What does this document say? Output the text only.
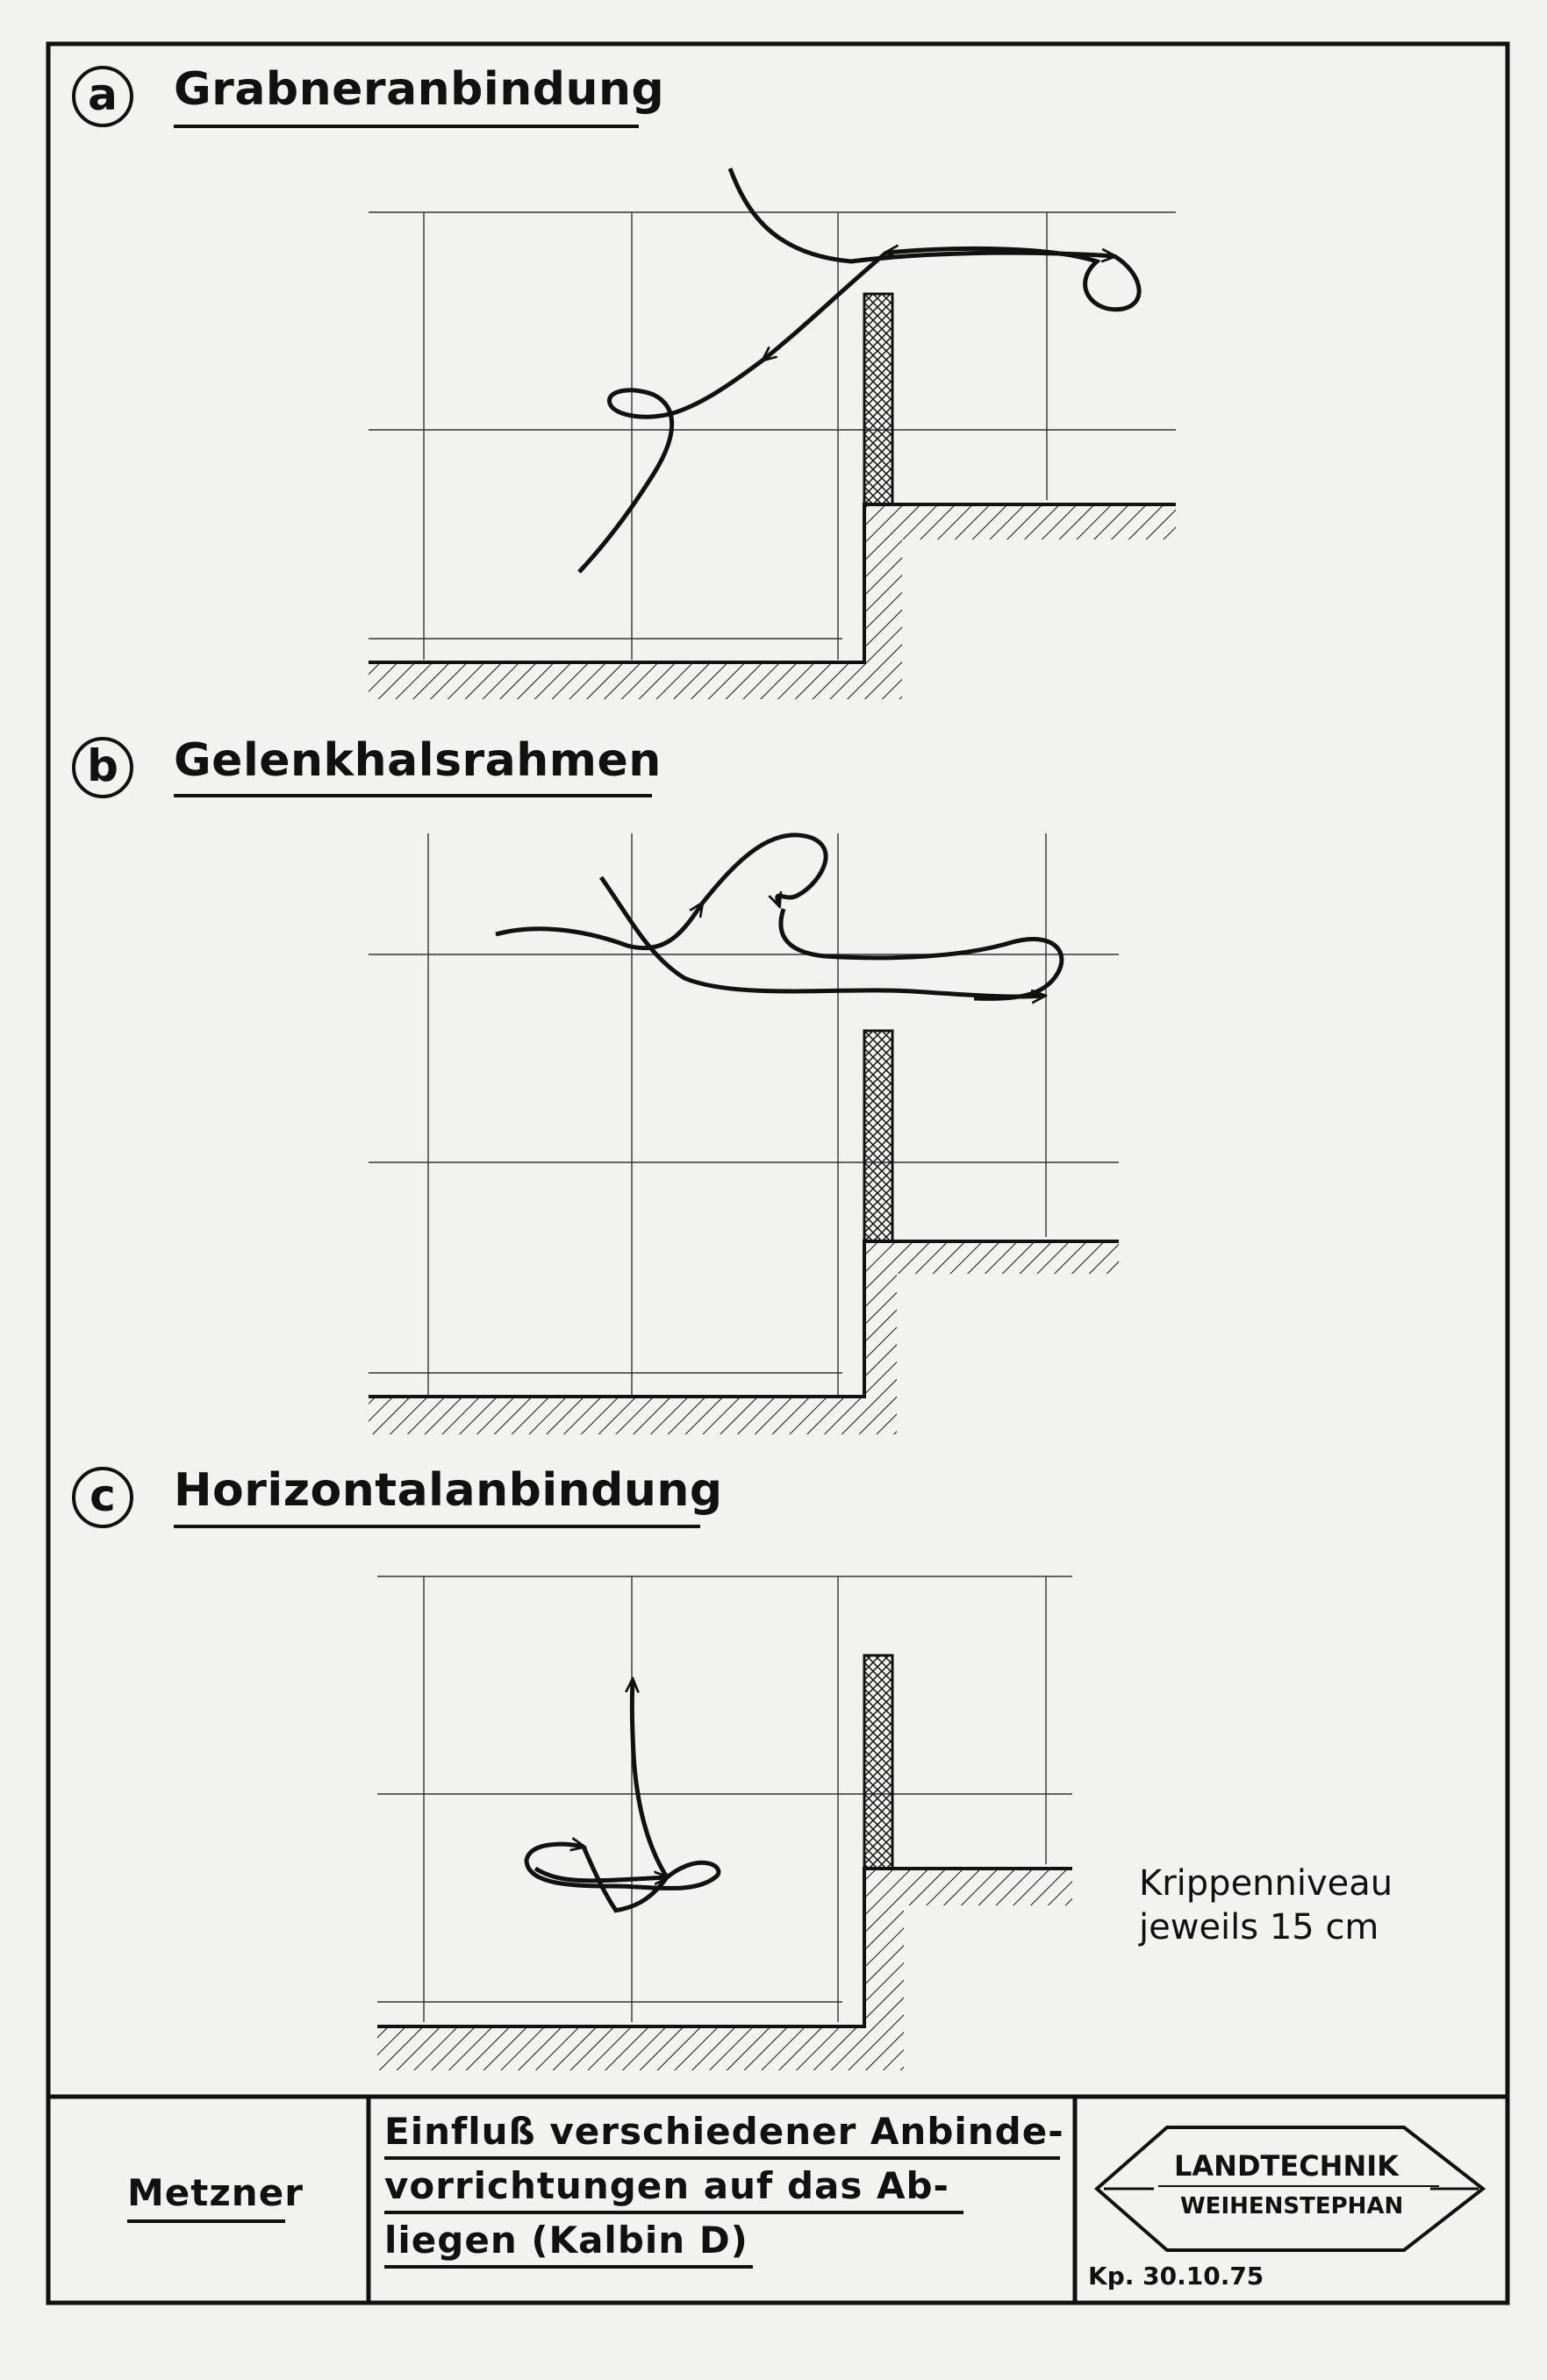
a	Grabneranbindung
b	Gelenkhalsrahmen
c	Horizontalanbindung
Krippenniveau
jeweils 15 cm
Metzner
Einfluß verschiedener Anbinde-
vorrichtungen auf das Ab-
liegen (Kalbin D)
LANDTECHNIK
WEIHENSTEPHAN
Kp. 30.10.75
